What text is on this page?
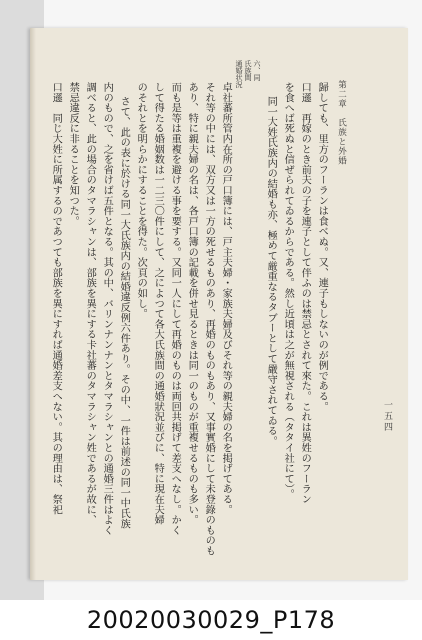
第二章　氏族と外婚
一五四
六、同
氏族間
通婚状況
歸しても、里方のフーランは食べぬ。又、連子もしないのが例である。
口遜　再嫁のとき前夫の子を連子として伴ふのは禁忌とされて來た。これは異姓のフーラン
を食へば死ぬと信ぜられてゐるからである。然し近頃は之が無視される（タタイ社にて）。
同一大姓氏族内の結婚も亦、極めて厳重なるタブーとして嚴守されてゐる。
卓社蕃所管内在所の戸口簿には、戸主夫婦・家族夫婦及びそれ等の親夫婦の名を掲げてある。
それ等の中には、双方又は一方の死せるものあり、再婚のものもあり、又事實婚にして未登錄のものも
あり、特に親夫婦の名は、各戸口簿の記載を併せ見るときは同一のものが重複せるものも多い。
而も是等は重複を避ける事を要する。又同一人にして再婚のものは両回共掲げて差支へなし。かく
して得たる婚姻数は一二三〇件にして、之によつて各大氏族間の通婚狀況並びに、特に現在夫婦
のそれとを明らかにすることを得た。次頁の如し。
さて、此の表に於ける同一大氏族内の結婚違反例六件あり。その中、一件は前述の同一中氏族
内のもので、之を省けば五件となる。其の中、バリンナンナンとタマラシャンとの通婚三件はよく
調べると、此の場合のタマラシャンは、部族を異にする卡社蕃のタマラシャン姓であるが故に、
禁忌違反に非ることを知つた。
口遜　同じ大姓に所属するのであつても部族を異にすれば通婚差支へない。其の理由は、祭祀
20020030029_P178
